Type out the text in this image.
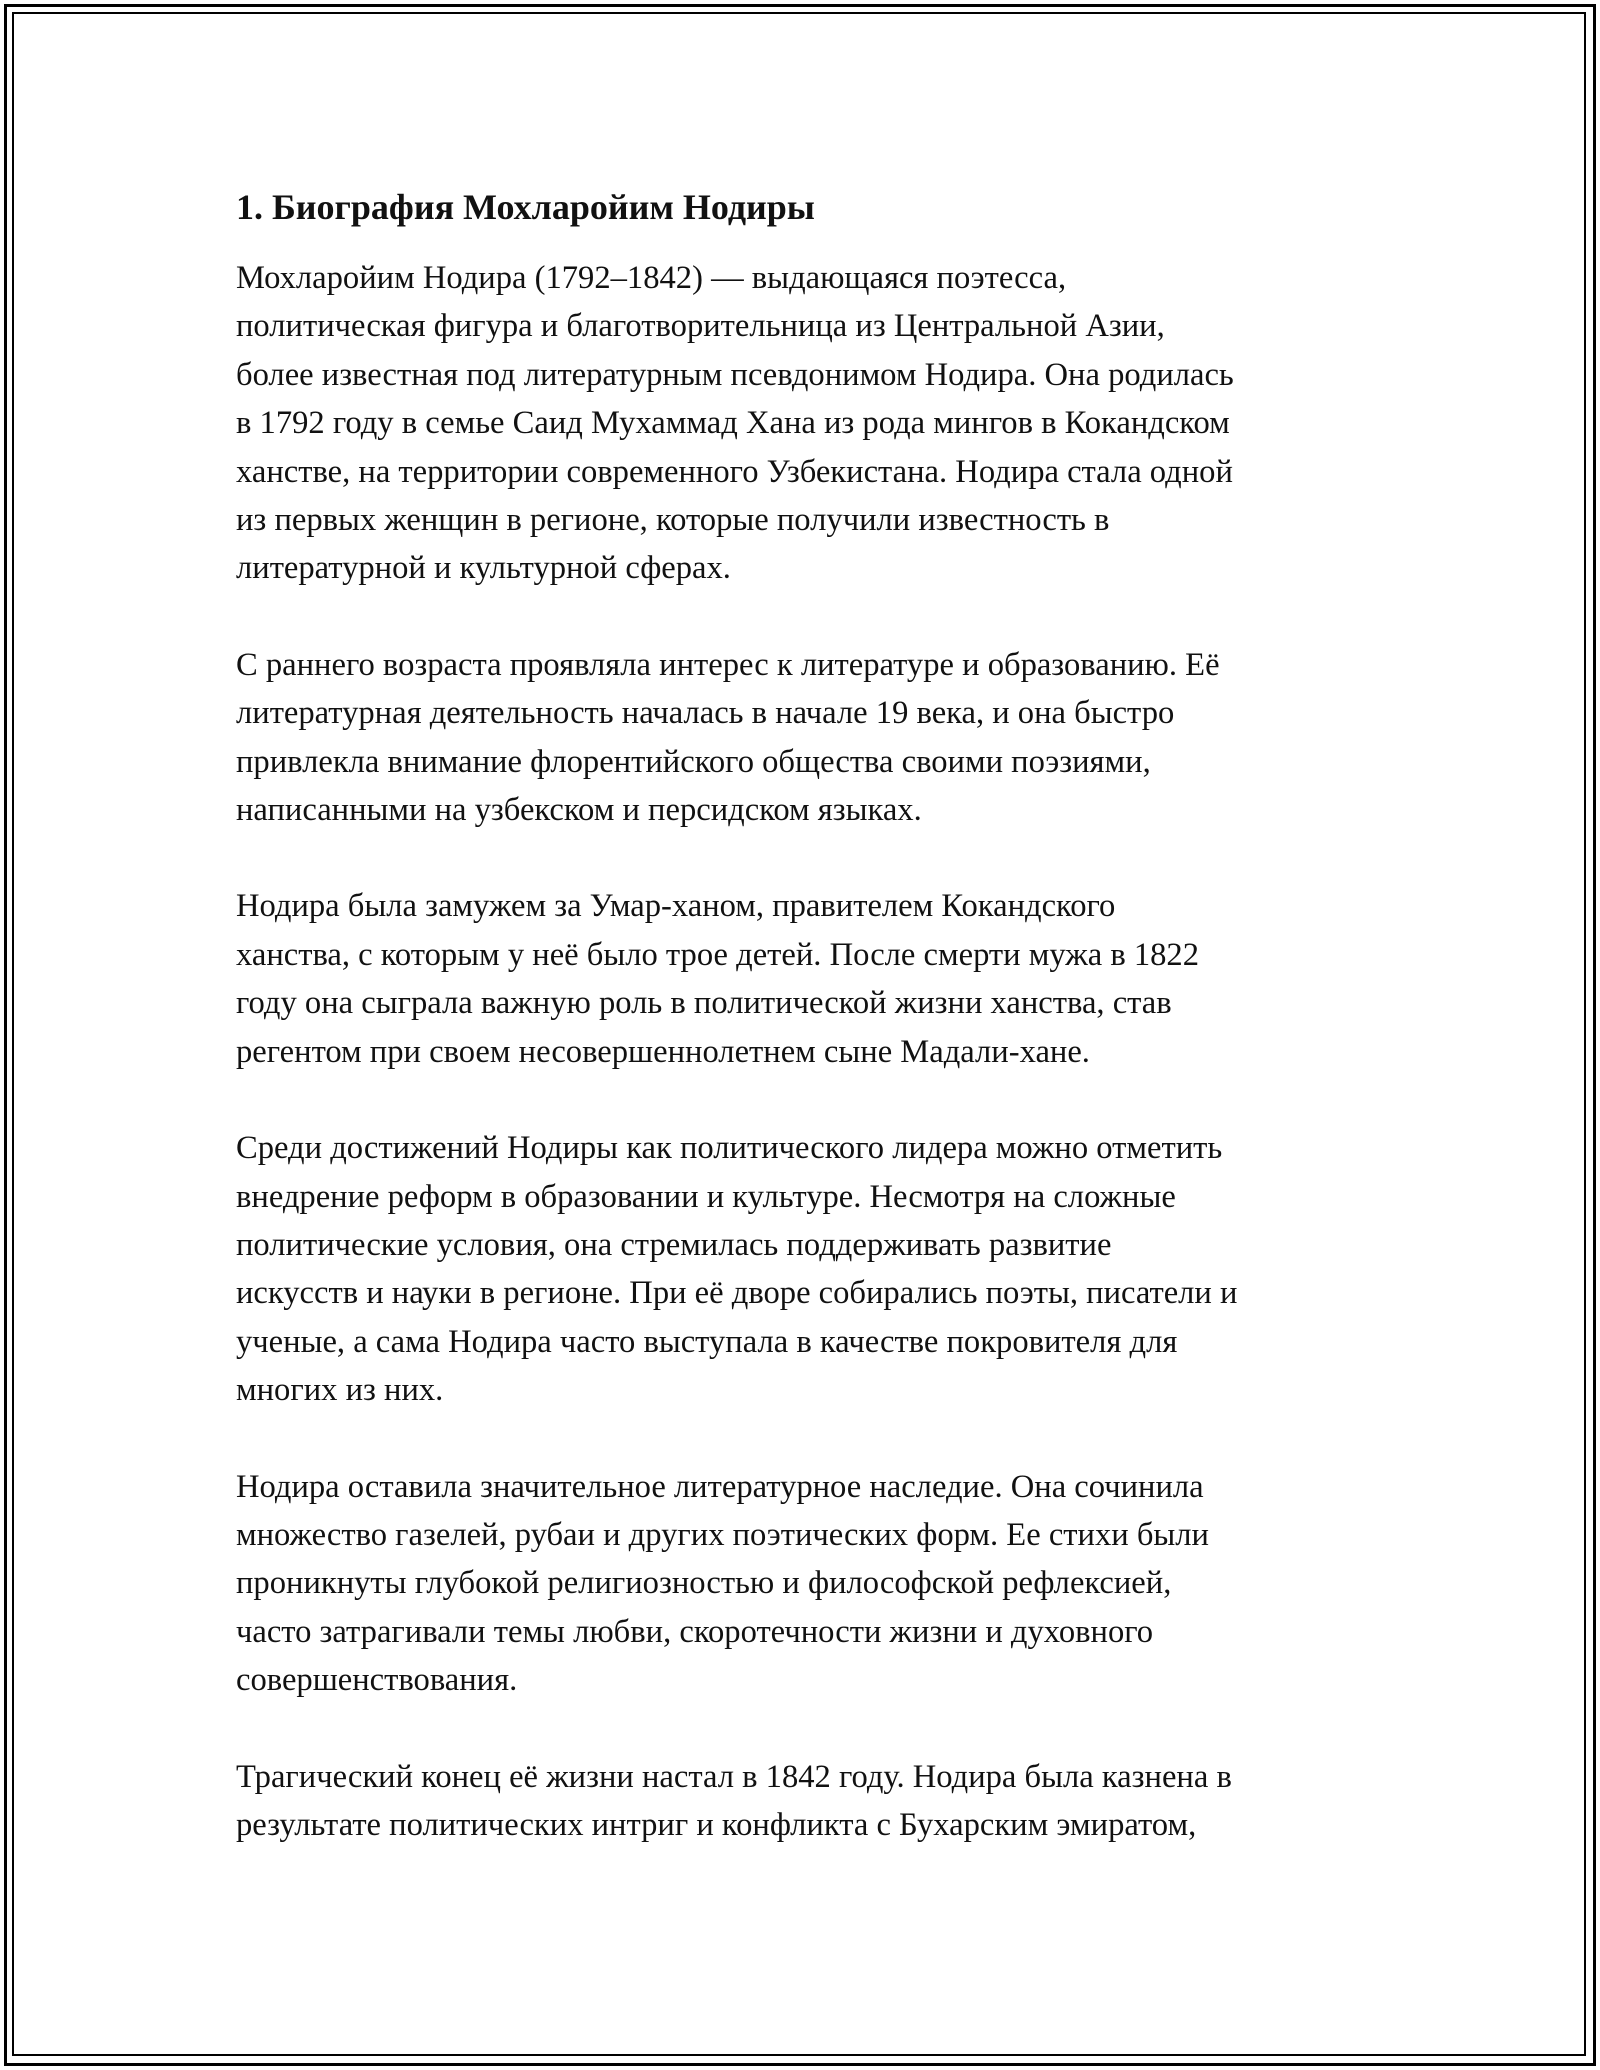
1. Биография Мохларойим Нодиры

Мохларойим Нодира (1792–1842) — выдающаяся поэтесса,
политическая фигура и благотворительница из Центральной Азии,
более известная под литературным псевдонимом Нодира. Она родилась
в 1792 году в семье Саид Мухаммад Хана из рода мингов в Кокандском
ханстве, на территории современного Узбекистана. Нодира стала одной
из первых женщин в регионе, которые получили известность в
литературной и культурной сферах.

С раннего возраста проявляла интерес к литературе и образованию. Её
литературная деятельность началась в начале 19 века, и она быстро
привлекла внимание флорентийского общества своими поэзиями,
написанными на узбекском и персидском языках.

Нодира была замужем за Умар-ханом, правителем Кокандского
ханства, с которым у неё было трое детей. После смерти мужа в 1822
году она сыграла важную роль в политической жизни ханства, став
регентом при своем несовершеннолетнем сыне Мадали-хане.

Среди достижений Нодиры как политического лидера можно отметить
внедрение реформ в образовании и культуре. Несмотря на сложные
политические условия, она стремилась поддерживать развитие
искусств и науки в регионе. При её дворе собирались поэты, писатели и
ученые, а сама Нодира часто выступала в качестве покровителя для
многих из них.

Нодира оставила значительное литературное наследие. Она сочинила
множество газелей, рубаи и других поэтических форм. Ее стихи были
проникнуты глубокой религиозностью и философской рефлексией,
часто затрагивали темы любви, скоротечности жизни и духовного
совершенствования.

Трагический конец её жизни настал в 1842 году. Нодира была казнена в
результате политических интриг и конфликта с Бухарским эмиратом,
